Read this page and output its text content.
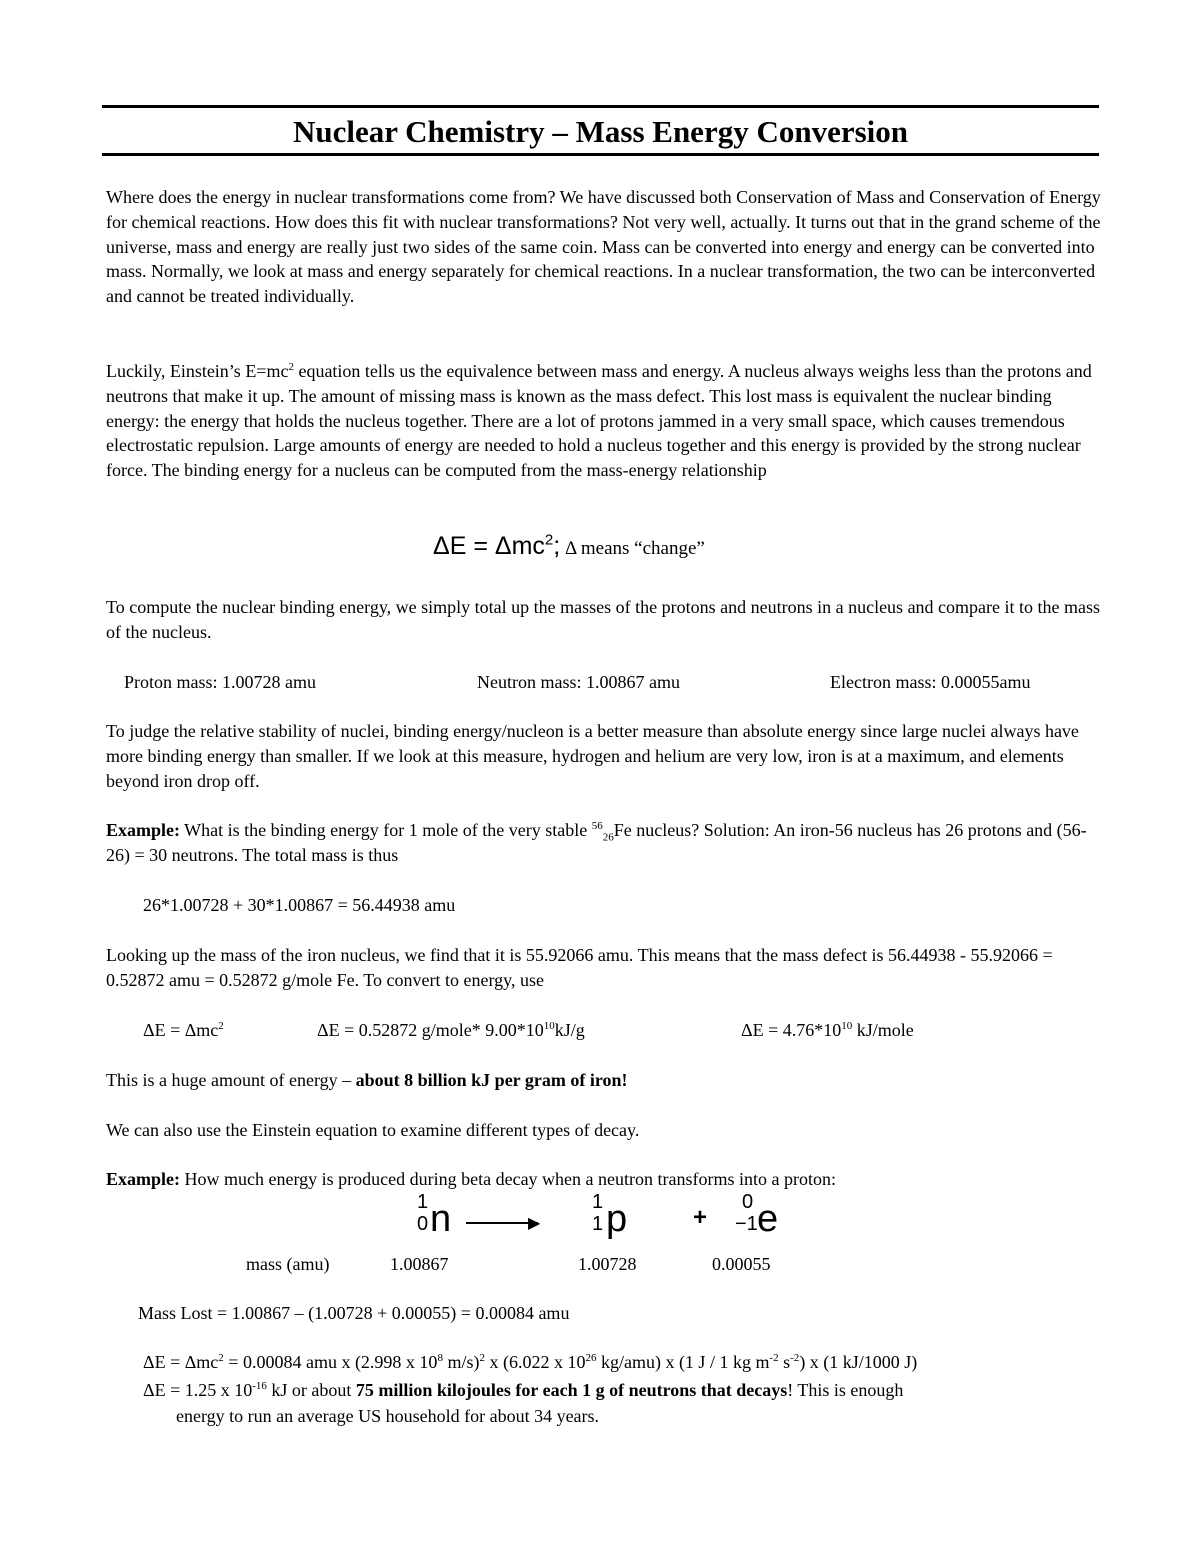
Nuclear Chemistry – Mass Energy Conversion

Where does the energy in nuclear transformations come from? We have discussed both Conservation of Mass and Conservation of Energy for chemical reactions. How does this fit with nuclear transformations? Not very well, actually. It turns out that in the grand scheme of the universe, mass and energy are really just two sides of the same coin. Mass can be converted into energy and energy can be converted into mass. Normally, we look at mass and energy separately for chemical reactions. In a nuclear transformation, the two can be interconverted and cannot be treated individually.

Luckily, Einstein’s $E=mc^2$ equation tells us the equivalence between mass and energy. A nucleus always weighs less than the protons and neutrons that make it up. The amount of missing mass is known as the mass defect. This lost mass is equivalent the nuclear binding energy: the energy that holds the nucleus together. There are a lot of protons jammed in a very small space, which causes tremendous electrostatic repulsion. Large amounts of energy are needed to hold a nucleus together and this energy is provided by the strong nuclear force. The binding energy for a nucleus can be computed from the mass-energy relationship

ΔE = Δmc$^2$; Δ means “change”

To compute the nuclear binding energy, we simply total up the masses of the protons and neutrons in a nucleus and compare it to the mass of the nucleus.

Proton mass: 1.00728 amu	Neutron mass: 1.00867 amu	Electron mass: 0.00055amu

To judge the relative stability of nuclei, binding energy/nucleon is a better measure than absolute energy since large nuclei always have more binding energy than smaller. If we look at this measure, hydrogen and helium are very low, iron is at a maximum, and elements beyond iron drop off.

Example: What is the binding energy for 1 mole of the very stable $^{56}_{26}$Fe nucleus? Solution: An iron-56 nucleus has 26 protons and (56-26) = 30 neutrons. The total mass is thus

26*1.00728 + 30*1.00867 = 56.44938 amu

Looking up the mass of the iron nucleus, we find that it is 55.92066 amu. This means that the mass defect is 56.44938 - 55.92066 = 0.52872 amu = 0.52872 g/mole Fe. To convert to energy, use

ΔE = Δmc$^2$	ΔE = 0.52872 g/mole* $9.00*10^{10}kJ/g$	$\Delta E = 4.76*10^{10}$ kJ/mole
This is a huge amount of energy – about 8 billion kJ per gram of iron!
We can also use the Einstein equation to examine different types of decay.
Example: How much energy is produced during beta decay when a neutron transforms into a proton:
1
0 n	▶
1
1 p	+
0
−1 e
mass (amu)	1.00867	1.00728	0.00055
Mass Lost = 1.00867 – (1.00728 + 0.00055) = 0.00084 amu
ΔE = Δmc$^2$ = 0.00084 amu x (2.998 x $10^8$ m/s)$^2$ x (6.022 x $10^{26}$ kg/amu) x (1 J / 1 kg $m^{-2}$ $s^{-2}$) x (1 kJ/1000 J)
ΔE = 1.25 x $10^{-16}$ kJ or about 75 million kilojoules for each 1 g of neutrons that decays! This is enough
energy to run an average US household for about 34 years.
